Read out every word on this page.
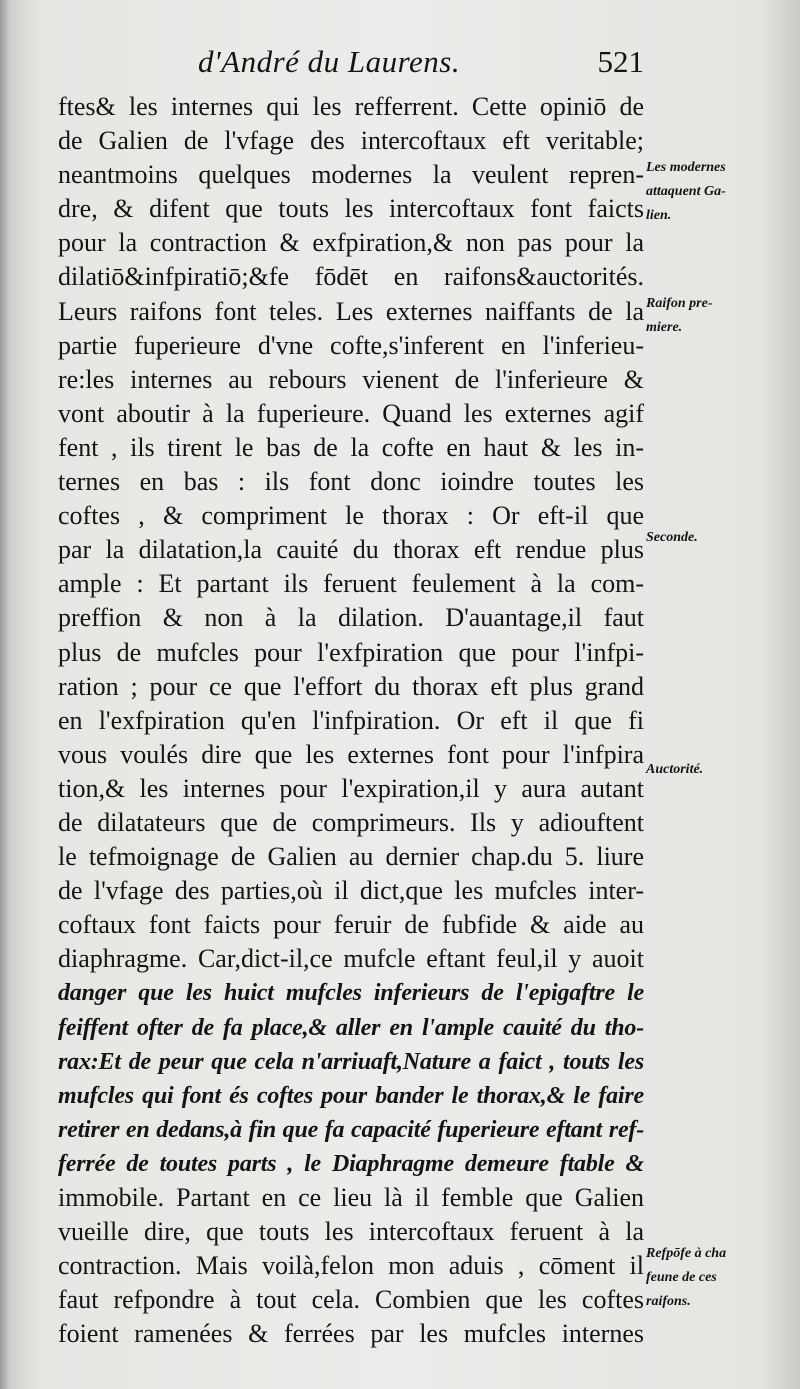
d'André du Laurens.	521
ftes& les internes qui les refferrent. Cette opiniō de
de Galien de l'vfage des intercoftaux eft veritable;
neantmoins quelques modernes la veulent repren-
dre, & difent que touts les intercoftaux font faicts
pour la contraction & exfpiration,& non pas pour la
dilatiō&infpiratiō;&fe fōdēt en raifons&auctorités.
Leurs raifons font teles. Les externes naiffants de la
partie fuperieure d'vne cofte,s'inferent en l'inferieu-
re:les internes au rebours vienent de l'inferieure &
vont aboutir à la fuperieure. Quand les externes agif
fent , ils tirent le bas de la cofte en haut & les in-
ternes en bas : ils font donc ioindre toutes les
coftes , & compriment le thorax : Or eft-il que
par la dilatation,la cauité du thorax eft rendue plus
ample : Et partant ils feruent feulement à la com-
preffion & non à la dilation. D'auantage,il faut
plus de mufcles pour l'exfpiration que pour l'infpi-
ration ; pour ce que l'effort du thorax eft plus grand
en l'exfpiration qu'en l'infpiration. Or eft il que fi
vous voulés dire que les externes font pour l'infpira
tion,& les internes pour l'expiration,il y aura autant
de dilatateurs que de comprimeurs. Ils y adiouftent
le tefmoignage de Galien au dernier chap.du 5. liure
de l'vfage des parties,où il dict,que les mufcles inter-
coftaux font faicts pour feruir de fubfide & aide au
diaphragme. Car,dict-il,ce mufcle eftant feul,il y auoit
danger que les huict mufcles inferieurs de l'epigaftre le
feiffent ofter de fa place,& aller en l'ample cauité du tho-
rax:Et de peur que cela n'arriuaft,Nature a faict , touts les
mufcles qui font és coftes pour bander le thorax,& le faire
retirer en dedans,à fin que fa capacité fuperieure eftant ref-
ferrée de toutes parts , le Diaphragme demeure ftable &
immobile. Partant en ce lieu là il femble que Galien
vueille dire, que touts les intercoftaux feruent à la
contraction. Mais voilà,felon mon aduis , cōment il
faut refpondre à tout cela. Combien que les coftes
foient ramenées & ferrées par les mufcles internes
Les modernes
attaquent Ga-
lien.
Raifon pre-
miere.
Seconde.
Auctorité.
Refpōfe à cha
feune de ces
raifons.
